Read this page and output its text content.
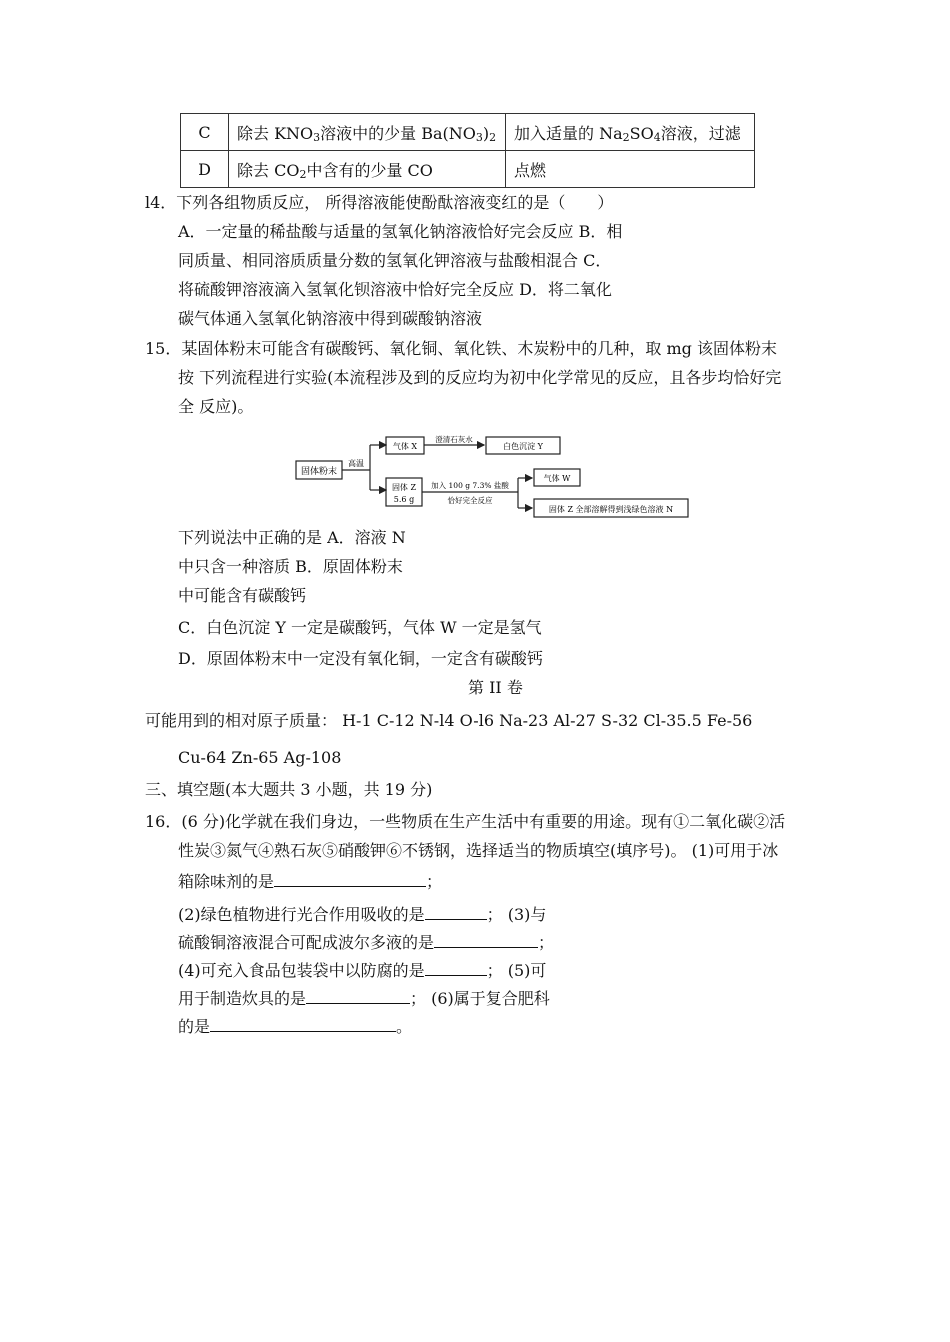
C	除去 $KNO_3$溶液中的少量 $Ba(NO_3)_2$	加入适量的 $Na_2SO_4$溶液，过滤
D	除去 $CO_2$中含有的少量 CO	点燃
l4．下列各组物质反应， 所得溶液能使酚酞溶液变红的是（　　）
A．一定量的稀盐酸与适量的氢氧化钠溶液恰好完会反应 B．相
同质量、相同溶质质量分数的氢氧化钾溶液与盐酸相混合 C．
将硫酸钾溶液滴入氢氧化钡溶液中恰好完全反应 D．将二氧化
碳气体通入氢氧化钠溶液中得到碳酸钠溶液
15．某固体粉末可能含有碳酸钙、氧化铜、氧化铁、木炭粉中的几种，取 mg 该固体粉末
按 下列流程进行实验(本流程涉及到的反应均为初中化学常见的反应，且各步均恰好完
全 反应)。
固体粉末
高温
气体 X
澄清石灰水
白色沉淀 Y
固体 Z
5.6 g
加入 100 g 7.3% 盐酸
恰好完全反应
气体 W
固体 Z 全部溶解得到浅绿色溶液 N
下列说法中正确的是 A．溶液 N
中只含一种溶质 B．原固体粉末
中可能含有碳酸钙
C．白色沉淀 Y 一定是碳酸钙，气体 W 一定是氢气
D．原固体粉末中一定没有氧化铜，一定含有碳酸钙
第 II 卷
可能用到的相对原子质量： H-1 C-12 N-l4 O-l6 Na-23 Al-27 S-32 Cl-35.5 Fe-56
Cu-64 Zn-65 Ag-108
三、填空题(本大题共 3 小题，共 19 分)
16．(6 分)化学就在我们身边，一些物质在生产生活中有重要的用途。现有①二氧化碳②活
性炭③氮气④熟石灰⑤硝酸钾⑥不锈钢，选择适当的物质填空(填序号)。 (1)可用于冰
箱除味剂的是	；
(2)绿色植物进行光合作用吸收的是	； (3)与
硫酸铜溶液混合可配成波尔多液的是	；
(4)可充入食品包装袋中以防腐的是	； (5)可
用于制造炊具的是	； (6)属于复合肥科
的是	。
